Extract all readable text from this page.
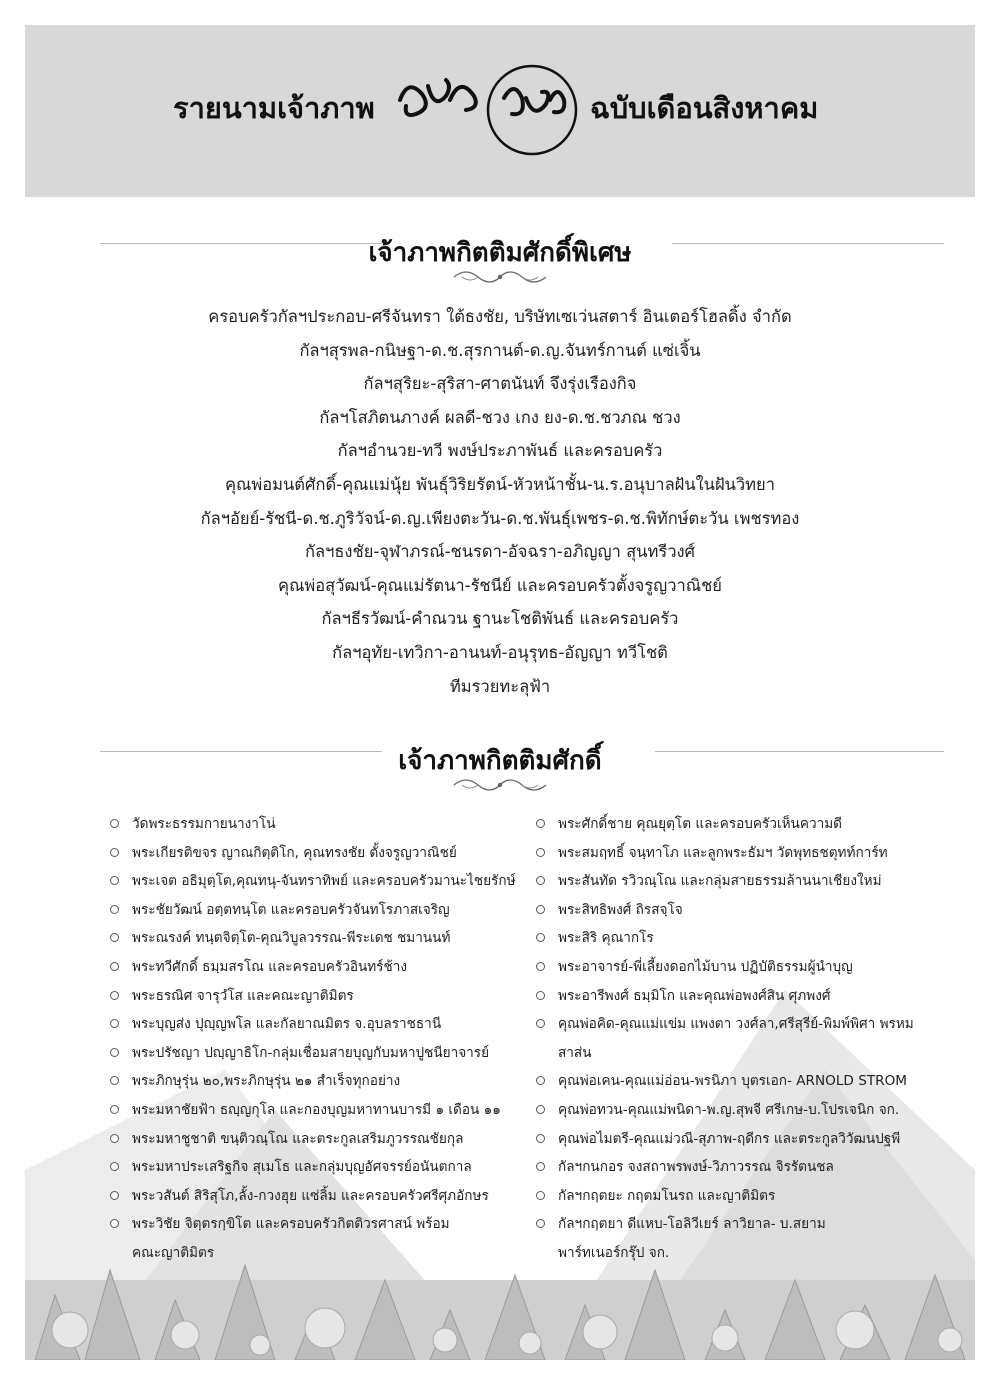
รายนามเจ้าภาพ	ฉบับเดือนสิงหาคม
เจ้าภาพกิตติมศักดิ์พิเศษ
ครอบครัวกัลฯประกอบ-ศรีจันทรา ใต้ธงชัย, บริษัทเซเว่นสตาร์ อินเตอร์โฮลดิ้ง จำกัด
กัลฯสุรพล-กนิษฐา-ด.ช.สุรกานต์-ด.ญ.จันทร์กานต์ แซ่เจิ้น
กัลฯสุริยะ-สุริสา-ศาตนันท์ จึงรุ่งเรืองกิจ
กัลฯโสภิตนภางค์ ผลดี-ชวง เกง ยง-ด.ช.ชวภณ ชวง
กัลฯอำนวย-ทวี พงษ์ประภาพันธ์ และครอบครัว
คุณพ่อมนต์ศักดิ์-คุณแม่นุ้ย พันธุ์วิริยรัตน์-หัวหน้าชั้น-น.ร.อนุบาลฝันในฝันวิทยา
กัลฯอัยย์-รัชนี-ด.ช.ภูริวัจน์-ด.ญ.เพียงตะวัน-ด.ช.พันธุ์เพชร-ด.ช.พิทักษ์ตะวัน เพชรทอง
กัลฯธงชัย-จุฬาภรณ์-ชนรดา-อัจฉรา-อภิญญา สุนทรีวงศ์
คุณพ่อสุวัฒน์-คุณแม่รัตนา-รัชนีย์ และครอบครัวตั้งจรูญวาณิชย์
กัลฯธีรวัฒน์-คำณวน ฐานะโชติพันธ์ และครอบครัว
กัลฯอุทัย-เทวิกา-อานนท์-อนุรุทธ-อัญญา ทวีโชติ
ทีมรวยทะลุฟ้า
เจ้าภาพกิตติมศักดิ์
วัดพระธรรมกายนางาโน่
พระเกียรติขจร ญาณกิตฺติโก, คุณทรงชัย ตั้งจรูญวาณิชย์
พระเจต อธิมุตฺโต,คุณทนุ-จันทราทิพย์ และครอบครัวมานะไชยรักษ์
พระชัยวัฒน์ อตฺตทนฺโต และครอบครัวจันทโรภาสเจริญ
พระณรงค์ ทนฺตจิตฺโต-คุณวิบูลวรรณ-พีระเดช ชมานนท์
พระทวีศักดิ์ ธมฺมสรโณ และครอบครัวอินทร์ช้าง
พระธรณิศ จารุวํโส และคณะญาติมิตร
พระบุญส่ง ปุญฺญพโล และกัลยาณมิตร จ.อุบลราชธานี
พระปรัชญา ปญฺญาธิโก-กลุ่มเชื่อมสายบุญกับมหาปูชนียาจารย์
พระภิกษุรุ่น ๒๐,พระภิกษุรุ่น ๒๑ สำเร็จทุกอย่าง
พระมหาชัยฟ้า ธญฺญกุโล และกองบุญมหาทานบารมี ๑ เดือน ๑๑
พระมหาชูชาติ ขนฺติวณฺโณ และตระกูลเสริมภูวรรณชัยกุล
พระมหาประเสริฐกิจ สุเมโธ และกลุ่มบุญอัศจรรย์อนันตกาล
พระวสันต์ สิริสุโภ,ลั้ง-กวงฮุย แซ่ลิ้ม และครอบครัวศรีศุภอักษร
พระวิชัย จิตฺตรกฺขิโต และครอบครัวกิตติวรศาสน์ พร้อมคณะญาติมิตร
พระศักดิ์ชาย คุณยุตฺโต และครอบครัวเห็นความดี
พระสมฤทธิ์ จนฺทาโภ และลูกพระธัมฯ วัดพุทธชตุทท์การ์ท
พระสันทัด รวิวณฺโณ และกลุ่มสายธรรมล้านนาเชียงใหม่
พระสิทธิพงศ์ ถิรสจฺโจ
พระสิริ คุณากโร
พระอาจารย์-พี่เลี้ยงดอกไม้บาน ปฏิบัติธรรมผู้นำบุญ
พระอารีพงศ์ ธมฺมิโก และคุณพ่อพงศ์สิน ศุภพงศ์
คุณพ่อคิด-คุณแม่แข่ม แพงตา วงศ์ลา,ศรีสุรีย์-พิมพ์พิศา พรหมสาส่น
คุณพ่อเคน-คุณแม่อ่อน-พรนิภา บุตรเอก- ARNOLD STROM
คุณพ่อทวน-คุณแม่พนิดา-พ.ญ.สุพจี ศรีเกษ-บ.โปรเจนิก จก.
คุณพ่อไมตรี-คุณแม่วณี-สุภาพ-ฤดีกร และตระกูลวิวัฒนปฐพี
กัลฯกนกอร จงสถาพรพงษ์-วิภาวรรณ จิรรัตนชล
กัลฯกฤตยะ กฤตมโนรถ และญาติมิตร
กัลฯกฤตยา ดีแหบ-โอลิวีเยร์ ลาวิยาล- บ.สยามพาร์ทเนอร์กรุ๊ป จก.
